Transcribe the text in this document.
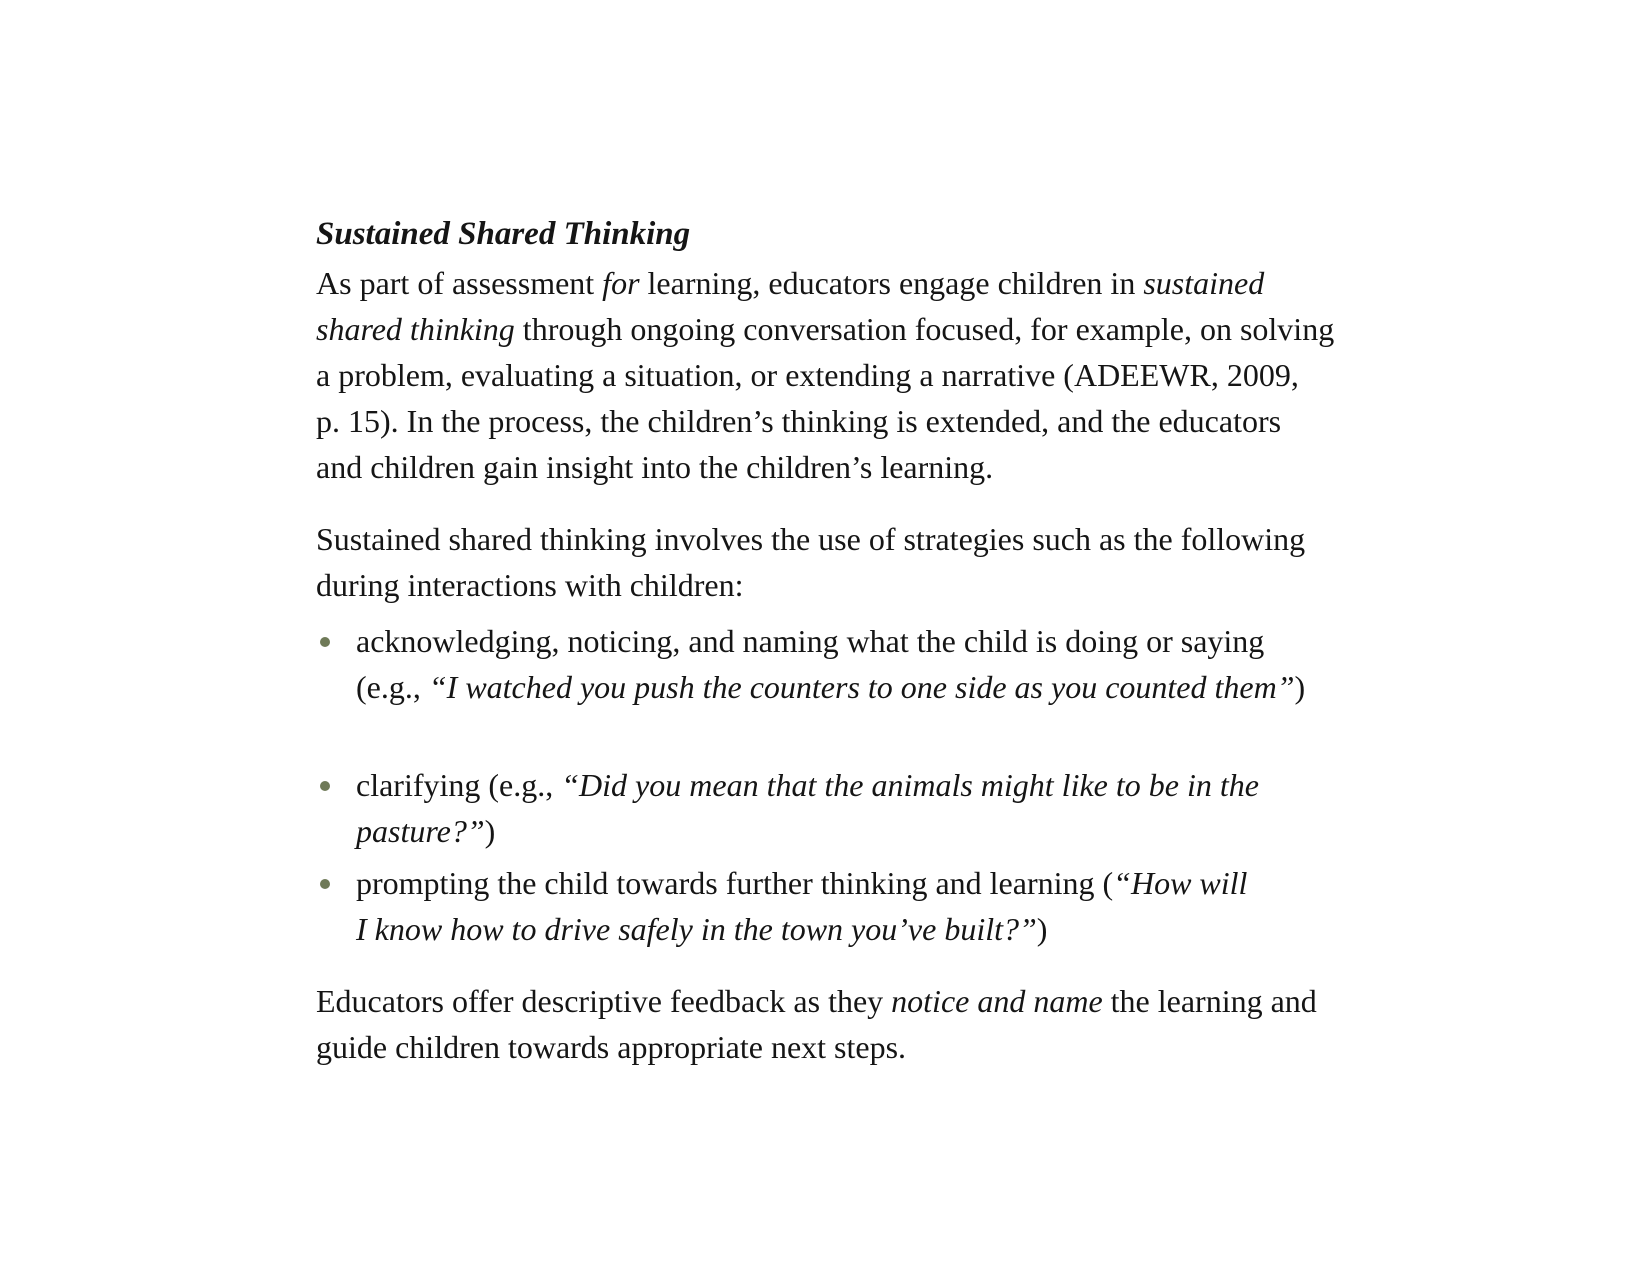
Sustained Shared Thinking

As part of assessment for learning, educators engage children in sustained
shared thinking through ongoing conversation focused, for example, on solving
a problem, evaluating a situation, or extending a narrative (ADEEWR, 2009,
p. 15). In the process, the children’s thinking is extended, and the educators
and children gain insight into the children’s learning.

Sustained shared thinking involves the use of strategies such as the following
during interactions with children:

acknowledging, noticing, and naming what the child is doing or saying
(e.g., “I watched you push the counters to one side as you counted them”)
clarifying (e.g., “Did you mean that the animals might like to be in the
pasture?”)
prompting the child towards further thinking and learning (“How will
I know how to drive safely in the town you’ve built?”)

Educators offer descriptive feedback as they notice and name the learning and
guide children towards appropriate next steps.
